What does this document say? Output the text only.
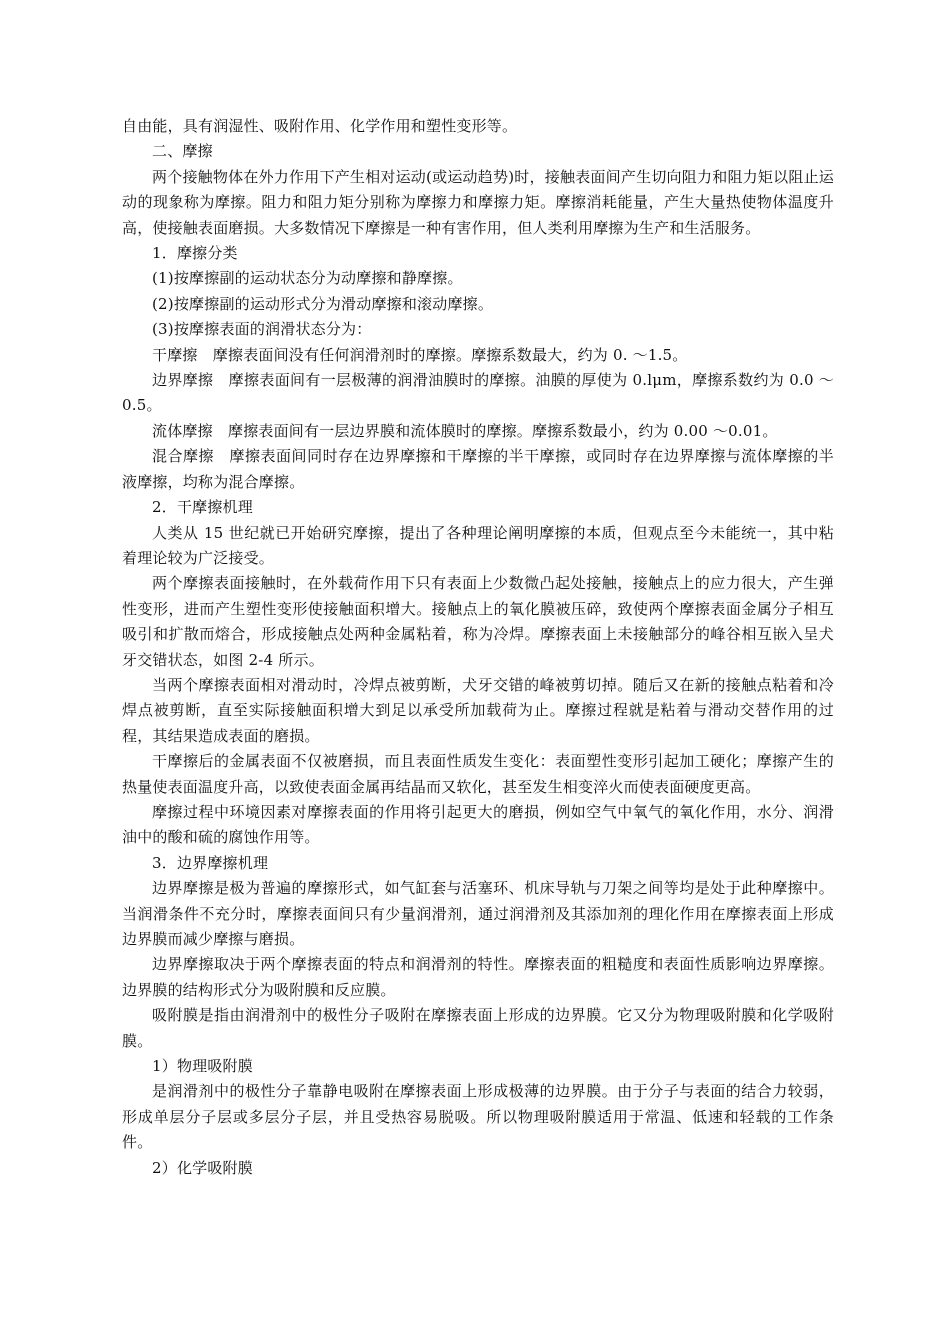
自由能，具有润湿性、吸附作用、化学作用和塑性变形等。

二、摩擦

两个接触物体在外力作用下产生相对运动(或运动趋势)时，接触表面间产生切向阻力和阻力矩以阻止运动的现象称为摩擦。阻力和阻力矩分别称为摩擦力和摩擦力矩。摩擦消耗能量，产生大量热使物体温度升高，使接触表面磨损。大多数情况下摩擦是一种有害作用，但人类利用摩擦为生产和生活服务。

1．摩擦分类

(1)按摩擦副的运动状态分为动摩擦和静摩擦。

(2)按摩擦副的运动形式分为滑动摩擦和滚动摩擦。

(3)按摩擦表面的润滑状态分为：

干摩擦　摩擦表面间没有任何润滑剂时的摩擦。摩擦系数最大，约为 0. ～1.5。

边界摩擦　摩擦表面间有一层极薄的润滑油膜时的摩擦。油膜的厚使为 0.lμm，摩擦系数约为 0.0 ～0.5。

流体摩擦　摩擦表面间有一层边界膜和流体膜时的摩擦。摩擦系数最小，约为 0.00 ～0.01。

混合摩擦　摩擦表面间同时存在边界摩擦和干摩擦的半干摩擦，或同时存在边界摩擦与流体摩擦的半液摩擦，均称为混合摩擦。

2．干摩擦机理

人类从 15 世纪就已开始研究摩擦，提出了各种理论阐明摩擦的本质，但观点至今未能统一，其中粘着理论较为广泛接受。

两个摩擦表面接触时，在外载荷作用下只有表面上少数微凸起处接触，接触点上的应力很大，产生弹性变形，进而产生塑性变形使接触面积增大。接触点上的氧化膜被压碎，致使两个摩擦表面金属分子相互吸引和扩散而熔合，形成接触点处两种金属粘着，称为冷焊。摩擦表面上未接触部分的峰谷相互嵌入呈犬牙交错状态，如图 2-4 所示。

当两个摩擦表面相对滑动时，冷焊点被剪断，犬牙交错的峰被剪切掉。随后又在新的接触点粘着和冷焊点被剪断，直至实际接触面积增大到足以承受所加载荷为止。摩擦过程就是粘着与滑动交替作用的过程，其结果造成表面的磨损。

干摩擦后的金属表面不仅被磨损，而且表面性质发生变化：表面塑性变形引起加工硬化；摩擦产生的热量使表面温度升高，以致使表面金属再结晶而又软化，甚至发生相变淬火而使表面硬度更高。

摩擦过程中环境因素对摩擦表面的作用将引起更大的磨损，例如空气中氧气的氧化作用，水分、润滑油中的酸和硫的腐蚀作用等。

3．边界摩擦机理

边界摩擦是极为普遍的摩擦形式，如气缸套与活塞环、机床导轨与刀架之间等均是处于此种摩擦中。当润滑条件不充分时，摩擦表面间只有少量润滑剂，通过润滑剂及其添加剂的理化作用在摩擦表面上形成边界膜而减少摩擦与磨损。

边界摩擦取决于两个摩擦表面的特点和润滑剂的特性。摩擦表面的粗糙度和表面性质影响边界摩擦。边界膜的结构形式分为吸附膜和反应膜。

吸附膜是指由润滑剂中的极性分子吸附在摩擦表面上形成的边界膜。它又分为物理吸附膜和化学吸附膜。

1）物理吸附膜

是润滑剂中的极性分子靠静电吸附在摩擦表面上形成极薄的边界膜。由于分子与表面的结合力较弱，形成单层分子层或多层分子层，并且受热容易脱吸。所以物理吸附膜适用于常温、低速和轻载的工作条件。

2）化学吸附膜
